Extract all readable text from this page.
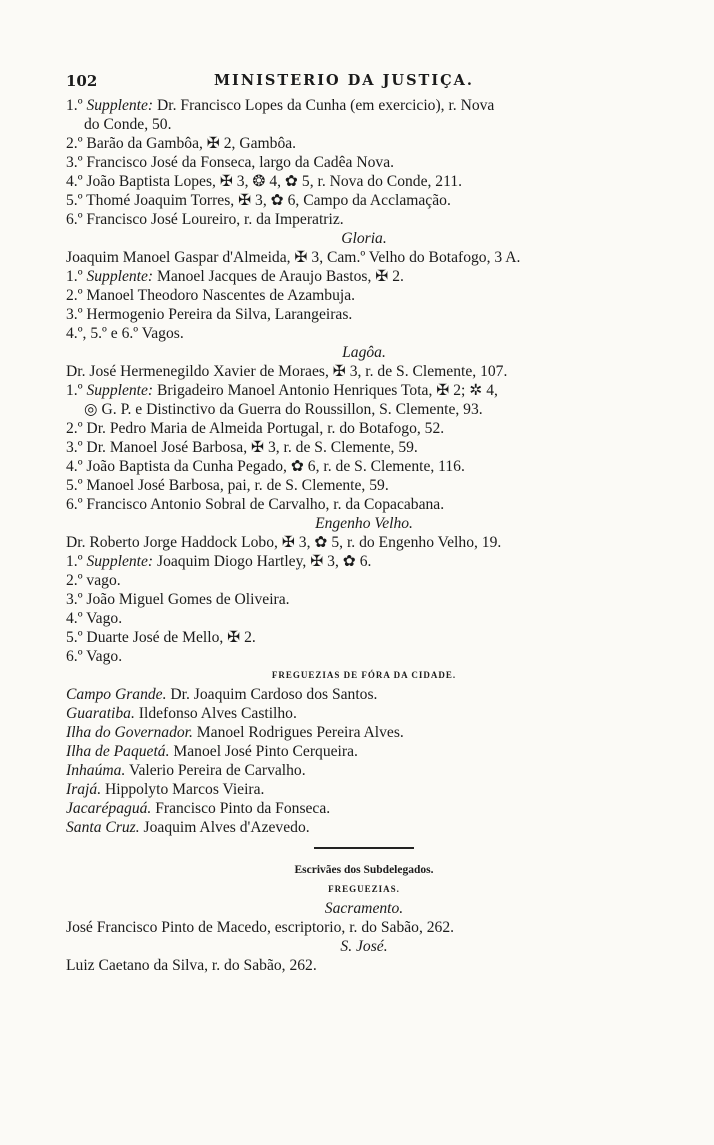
102	MINISTERIO DA JUSTIÇA.
1.º Supplente: Dr. Francisco Lopes da Cunha (em exercicio), r. Nova
do Conde, 50.
2.º Barão da Gambôa, ✠ 2, Gambôa.
3.º Francisco José da Fonseca, largo da Cadêa Nova.
4.º João Baptista Lopes, ✠ 3, ❂ 4, ✿ 5, r. Nova do Conde, 211.
5.º Thomé Joaquim Torres, ✠ 3, ✿ 6, Campo da Acclamação.
6.º Francisco José Loureiro, r. da Imperatriz.
Gloria.
Joaquim Manoel Gaspar d'Almeida, ✠ 3, Cam.º Velho do Botafogo, 3 A.
1.º Supplente: Manoel Jacques de Araujo Bastos, ✠ 2.
2.º Manoel Theodoro Nascentes de Azambuja.
3.º Hermogenio Pereira da Silva, Larangeiras.
4.º, 5.º e 6.º Vagos.
Lagôa.
Dr. José Hermenegildo Xavier de Moraes, ✠ 3, r. de S. Clemente, 107.
1.º Supplente: Brigadeiro Manoel Antonio Henriques Tota, ✠ 2; ✲ 4,
◎ G. P. e Distinctivo da Guerra do Roussillon, S. Clemente, 93.
2.º Dr. Pedro Maria de Almeida Portugal, r. do Botafogo, 52.
3.º Dr. Manoel José Barbosa, ✠ 3, r. de S. Clemente, 59.
4.º João Baptista da Cunha Pegado, ✿ 6, r. de S. Clemente, 116.
5.º Manoel José Barbosa, pai, r. de S. Clemente, 59.
6.º Francisco Antonio Sobral de Carvalho, r. da Copacabana.
Engenho Velho.
Dr. Roberto Jorge Haddock Lobo, ✠ 3, ✿ 5, r. do Engenho Velho, 19.
1.º Supplente: Joaquim Diogo Hartley, ✠ 3, ✿ 6.
2.º vago.
3.º João Miguel Gomes de Oliveira.
4.º Vago.
5.º Duarte José de Mello, ✠ 2.
6.º Vago.
FREGUEZIAS DE FÓRA DA CIDADE.
Campo Grande. Dr. Joaquim Cardoso dos Santos.
Guaratiba. Ildefonso Alves Castilho.
Ilha do Governador. Manoel Rodrigues Pereira Alves.
Ilha de Paquetá. Manoel José Pinto Cerqueira.
Inhaúma. Valerio Pereira de Carvalho.
Irajá. Hippolyto Marcos Vieira.
Jacarépaguá. Francisco Pinto da Fonseca.
Santa Cruz. Joaquim Alves d'Azevedo.
Escrivães dos Subdelegados.
FREGUEZIAS.
Sacramento.
José Francisco Pinto de Macedo, escriptorio, r. do Sabão, 262.
S. José.
Luiz Caetano da Silva, r. do Sabão, 262.
